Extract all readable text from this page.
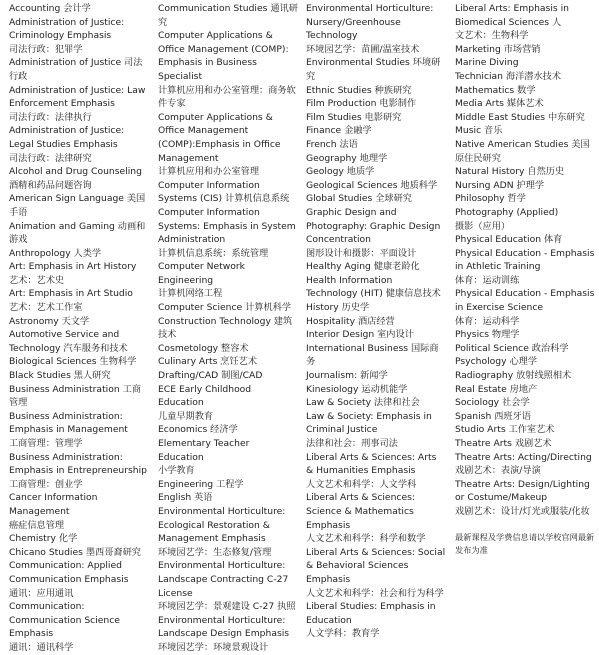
Accounting 会计学
Administration of Justice: Criminology Emphasis
司法行政：犯罪学
Administration of Justice 司法行政
Administration of Justice: Law Enforcement Emphasis
司法行政：法律执行
Administration of Justice: Legal Studies Emphasis
司法行政：法律研究
Alcohol and Drug Counseling
酒精和药品问题咨询
American Sign Language 美国手语
Animation and Gaming 动画和游戏
Anthropology 人类学
Art: Emphasis in Art History
艺术：艺术史
Art: Emphasis in Art Studio
艺术：艺术工作室
Astronomy 天文学
Automotive Service and Technology 汽车服务和技术
Biological Sciences 生物科学
Black Studies 黑人研究
Business Administration 工商管理
Business Administration: Emphasis in Management
工商管理：管理学
Business Administration: Emphasis in Entrepreneurship
工商管理：创业学
Cancer Information Management
癌症信息管理
Chemistry 化学
Chicano Studies 墨西哥裔研究
Communication: Applied Communication Emphasis
通讯：应用通讯
Communication: Communication Science Emphasis
通讯：通讯科学
Communication Studies 通讯研究
Computer Applications & Office Management (COMP): Emphasis in Business Specialist
计算机应用和办公室管理：商务软件专家
Computer Applications & Office Management (COMP):Emphasis in Office Management
计算机应用和办公室管理
Computer Information Systems (CIS) 计算机信息系统
Computer Information Systems: Emphasis in System Administration
计算机信息系统：系统管理
Computer Network Engineering
计算机网络工程
Computer Science 计算机科学
Construction Technology 建筑技术
Cosmetology 整容术
Culinary Arts 烹饪艺术
Drafting/CAD 制图/CAD
ECE Early Childhood Education
儿童早期教育
Economics 经济学
Elementary Teacher Education
小学教育
Engineering 工程学
English 英语
Environmental Horticulture: Ecological Restoration & Management Emphasis
环境园艺学：生态修复/管理
Environmental Horticulture: Landscape Contracting C-27 License
环境园艺学：景观建设 C-27 执照
Environmental Horticulture: Landscape Design Emphasis
环境园艺学：环境景观设计
Environmental Horticulture: Nursery/Greenhouse Technology
环境园艺学：苗圃/温室技术
Environmental Studies 环境研究
Ethnic Studies 种族研究
Film Production 电影制作
Film Studies 电影研究
Finance 金融学
French 法语
Geography 地理学
Geology 地质学
Geological Sciences 地质科学
Global Studies 全球研究
Graphic Design and Photography: Graphic Design Concentration
图形设计和摄影：平面设计
Healthy Aging 健康老龄化
Health Information Technology (HIT) 健康信息技术
History 历史学
Hospitality 酒店经营
Interior Design 室内设计
International Business 国际商务
Journalism: 新闻学
Kinesiology 运动机能学
Law & Society 法律和社会
Law & Society: Emphasis in Criminal Justice
法律和社会：刑事司法
Liberal Arts & Sciences: Arts & Humanities Emphasis
人文艺术和科学：人文学科
Liberal Arts & Sciences: Science & Mathematics Emphasis
人文艺术和科学：科学和数学
Liberal Arts & Sciences: Social & Behavioral Sciences Emphasis
人文艺术和科学：社会和行为科学
Liberal Studies: Emphasis in Education
人文学科：教育学
Liberal Arts: Emphasis in Biomedical Sciences 人
文艺术：生物科学
Marketing 市场营销
Marine Diving
Technician 海洋潜水技术
Mathematics 数学
Media Arts 媒体艺术
Middle East Studies 中东研究
Music 音乐
Native American Studies 美国原住民研究
Natural History 自然历史
Nursing ADN 护理学
Philosophy 哲学
Photography (Applied)
摄影（应用）
Physical Education 体育
Physical Education - Emphasis in Athletic Training
体育：运动训练
Physical Education - Emphasis in Exercise Science
体育：运动科学
Physics 物理学
Political Science 政治科学
Psychology 心理学
Radiography 放射线照相术
Real Estate 房地产
Sociology 社会学
Spanish 西班牙语
Studio Arts 工作室艺术
Theatre Arts 戏剧艺术
Theatre Arts: Acting/Directing
戏剧艺术：表演/导演
Theatre Arts: Design/Lighting or Costume/Makeup
戏剧艺术：设计/灯光或服装/化妆
最新课程及学费信息请以学校官网最新发布为准
